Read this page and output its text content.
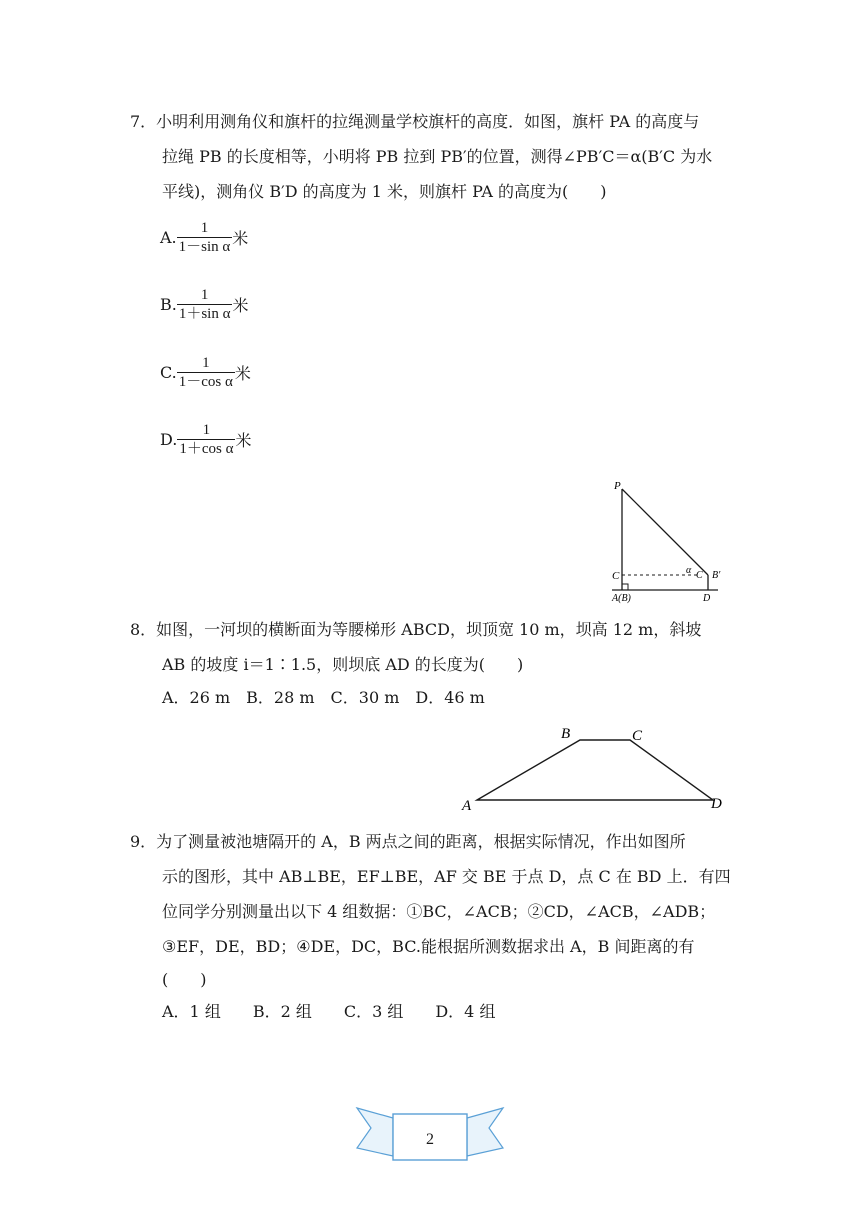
7．小明利用测角仪和旗杆的拉绳测量学校旗杆的高度．如图，旗杆 PA 的高度与
拉绳 PB 的长度相等，小明将 PB 拉到 PB′的位置，测得∠PB′C＝α(B′C 为水
平线)，测角仪 B′D 的高度为 1 米，则旗杆 PA 的高度为(　　)
A. $\frac{1}{\text{1－sin α}}$ 米
B. $\frac{1}{\text{1＋sin α}}$ 米
C. $\frac{1}{\text{1－cos α}}$ 米
D. $\frac{1}{\text{1＋cos α}}$ 米
P
C	α C B′
A(B)	D
8．如图，一河坝的横断面为等腰梯形 ABCD，坝顶宽 10 m，坝高 12 m，斜坡
AB 的坡度 i＝1∶1.5，则坝底 AD 的长度为(　　)
A．26 m　B．28 m　C．30 m　D．46 m
A
B	C
D
9．为了测量被池塘隔开的 A，B 两点之间的距离，根据实际情况，作出如图所
示的图形，其中 AB⊥BE，EF⊥BE，AF 交 BE 于点 D，点 C 在 BD 上．有四
位同学分别测量出以下 4 组数据：①BC，∠ACB；②CD，∠ACB，∠ADB；
③EF，DE，BD；④DE，DC，BC.能根据所测数据求出 A，B 间距离的有
(　　)
A．1 组　　B．2 组　　C．3 组　　D．4 组
2
